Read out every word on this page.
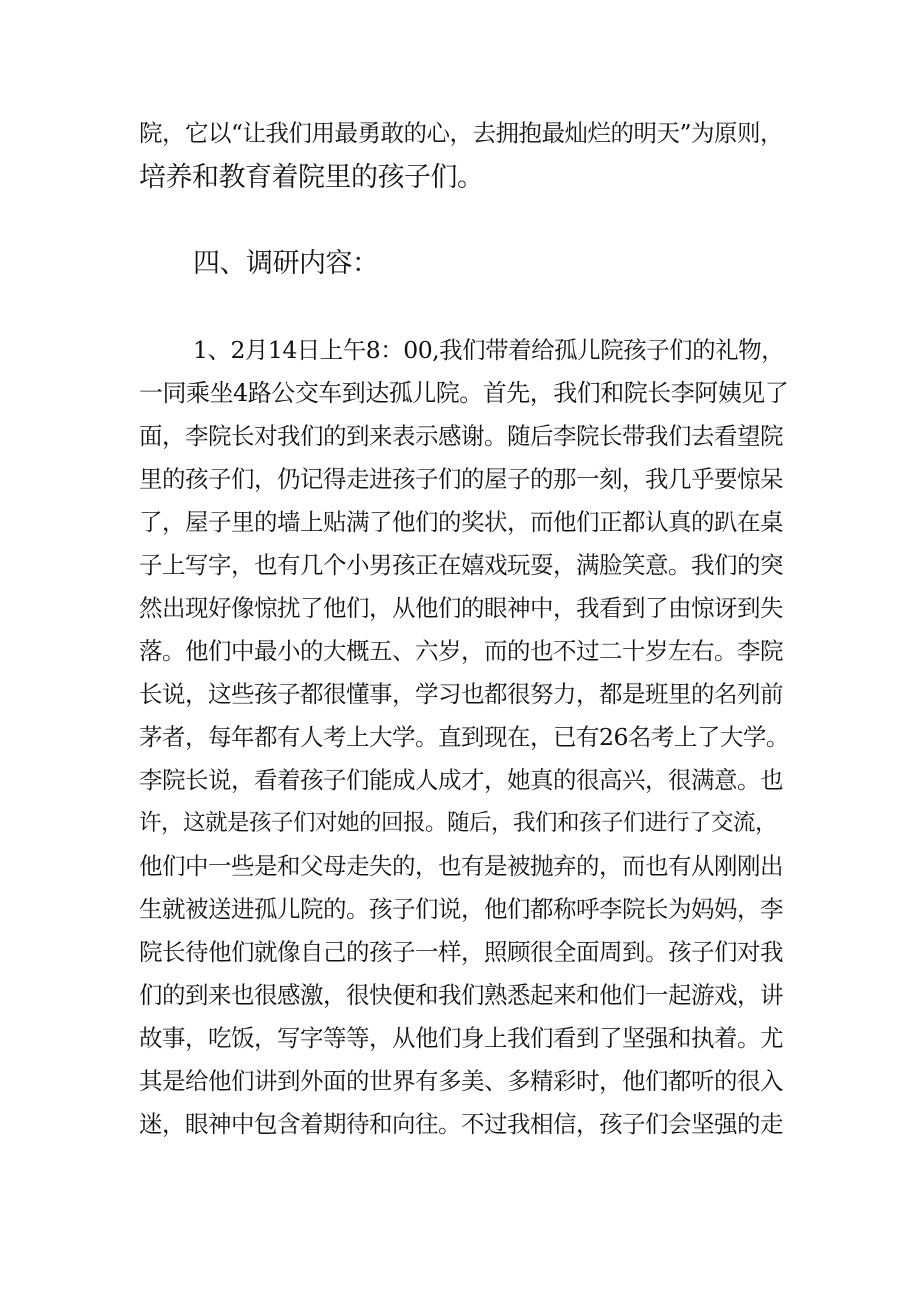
院，它以“让我们用最勇敢的心，去拥抱最灿烂的明天”为原则，
培养和教育着院里的孩子们。
四、调研内容：
1、2月14日上午8：00,我们带着给孤儿院孩子们的礼物，
一同乘坐4路公交车到达孤儿院。首先，我们和院长李阿姨见了
面，李院长对我们的到来表示感谢。随后李院长带我们去看望院
里的孩子们，仍记得走进孩子们的屋子的那一刻，我几乎要惊呆
了，屋子里的墙上贴满了他们的奖状，而他们正都认真的趴在桌
子上写字，也有几个小男孩正在嬉戏玩耍，满脸笑意。我们的突
然出现好像惊扰了他们，从他们的眼神中，我看到了由惊讶到失
落。他们中最小的大概五、六岁，而的也不过二十岁左右。李院
长说，这些孩子都很懂事，学习也都很努力，都是班里的名列前
茅者，每年都有人考上大学。直到现在，已有26名考上了大学。
李院长说，看着孩子们能成人成才，她真的很高兴，很满意。也
许，这就是孩子们对她的回报。随后，我们和孩子们进行了交流，
他们中一些是和父母走失的，也有是被抛弃的，而也有从刚刚出
生就被送进孤儿院的。孩子们说，他们都称呼李院长为妈妈，李
院长待他们就像自己的孩子一样，照顾很全面周到。孩子们对我
们的到来也很感激，很快便和我们熟悉起来和他们一起游戏，讲
故事，吃饭，写字等等，从他们身上我们看到了坚强和执着。尤
其是给他们讲到外面的世界有多美、多精彩时，他们都听的很入
迷，眼神中包含着期待和向往。不过我相信，孩子们会坚强的走
